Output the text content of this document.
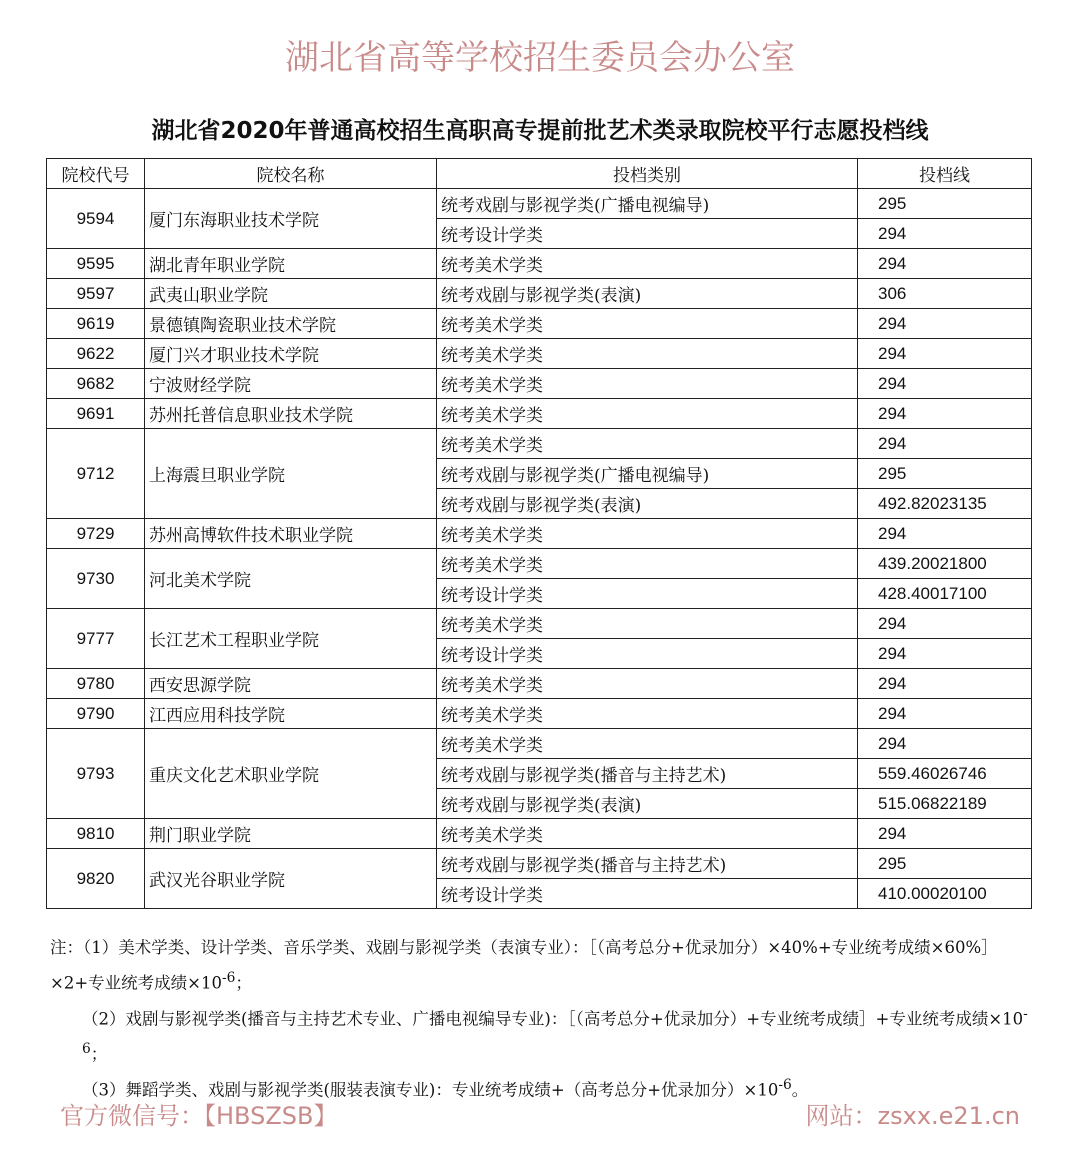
湖北省高等学校招生委员会办公室
湖北省2020年普通高校招生高职高专提前批艺术类录取院校平行志愿投档线
院校代号	院校名称	投档类别	投档线
9594	厦门东海职业技术学院	统考戏剧与影视学类(广播电视编导)	295
		统考设计学类	294
9595	湖北青年职业学院	统考美术学类	294
9597	武夷山职业学院	统考戏剧与影视学类(表演)	306
9619	景德镇陶瓷职业技术学院	统考美术学类	294
9622	厦门兴才职业技术学院	统考美术学类	294
9682	宁波财经学院	统考美术学类	294
9691	苏州托普信息职业技术学院	统考美术学类	294
9712	上海震旦职业学院	统考美术学类	294
		统考戏剧与影视学类(广播电视编导)	295
		统考戏剧与影视学类(表演)	492.82023135
9729	苏州高博软件技术职业学院	统考美术学类	294
9730	河北美术学院	统考美术学类	439.20021800
		统考设计学类	428.40017100
9777	长江艺术工程职业学院	统考美术学类	294
		统考设计学类	294
9780	西安思源学院	统考美术学类	294
9790	江西应用科技学院	统考美术学类	294
9793	重庆文化艺术职业学院	统考美术学类	294
		统考戏剧与影视学类(播音与主持艺术)	559.46026746
		统考戏剧与影视学类(表演)	515.06822189
9810	荆门职业学院	统考美术学类	294
9820	武汉光谷职业学院	统考戏剧与影视学类(播音与主持艺术)	295
		统考设计学类	410.00020100

注：（1）美术学类、设计学类、音乐学类、戏剧与影视学类（表演专业）：［（高考总分+优录加分）×40%+专业统考成绩×60%］×2+专业统考成绩$\times 10^{-6}$；

（2）戏剧与影视学类(播音与主持艺术专业、广播电视编导专业)：［（高考总分+优录加分）+专业统考成绩］+专业统考成绩$\times 10^{-6}$；

（3）舞蹈学类、戏剧与影视学类(服装表演专业)：专业统考成绩+（高考总分+优录加分）$\times 10^{-6}$。

官方微信号：【HBSZSB】	网站：zsxx.e21.cn
